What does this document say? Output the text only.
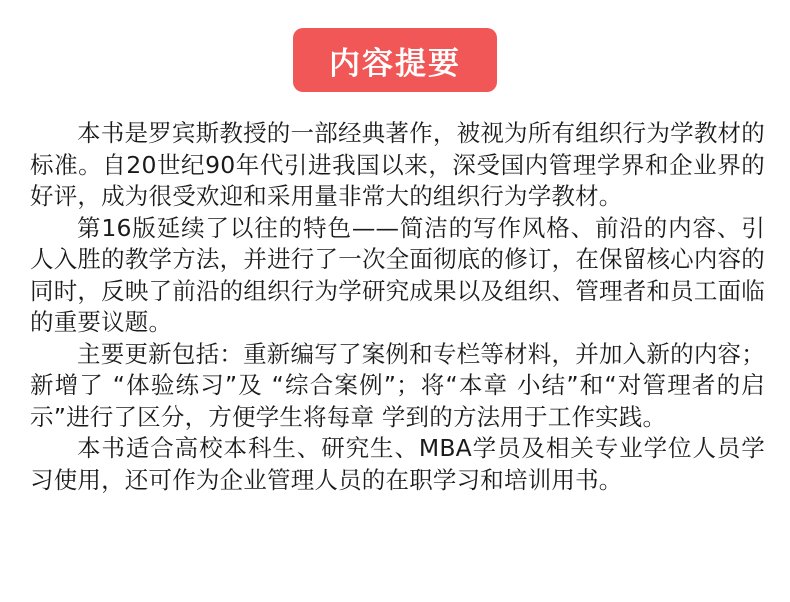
内容提要

本书是罗宾斯教授的一部经典著作，被视为所有组织行为学教材的标准。自20世纪90年代引进我国以来，深受国内管理学界和企业界的好评，成为很受欢迎和采用量非常大的组织行为学教材。

第16版延续了以往的特色——简洁的写作风格、前沿的内容、引人入胜的教学方法，并进行了一次全面彻底的修订，在保留核心内容的同时，反映了前沿的组织行为学研究成果以及组织、管理者和员工面临的重要议题。

主要更新包括：重新编写了案例和专栏等材料，并加入新的内容；新增了 “体验练习”及 “综合案例”；将“本章 小结”和“对管理者的启示”进行了区分，方便学生将每章 学到的方法用于工作实践。

本书适合高校本科生、研究生、MBA学员及相关专业学位人员学习使用，还可作为企业管理人员的在职学习和培训用书。
